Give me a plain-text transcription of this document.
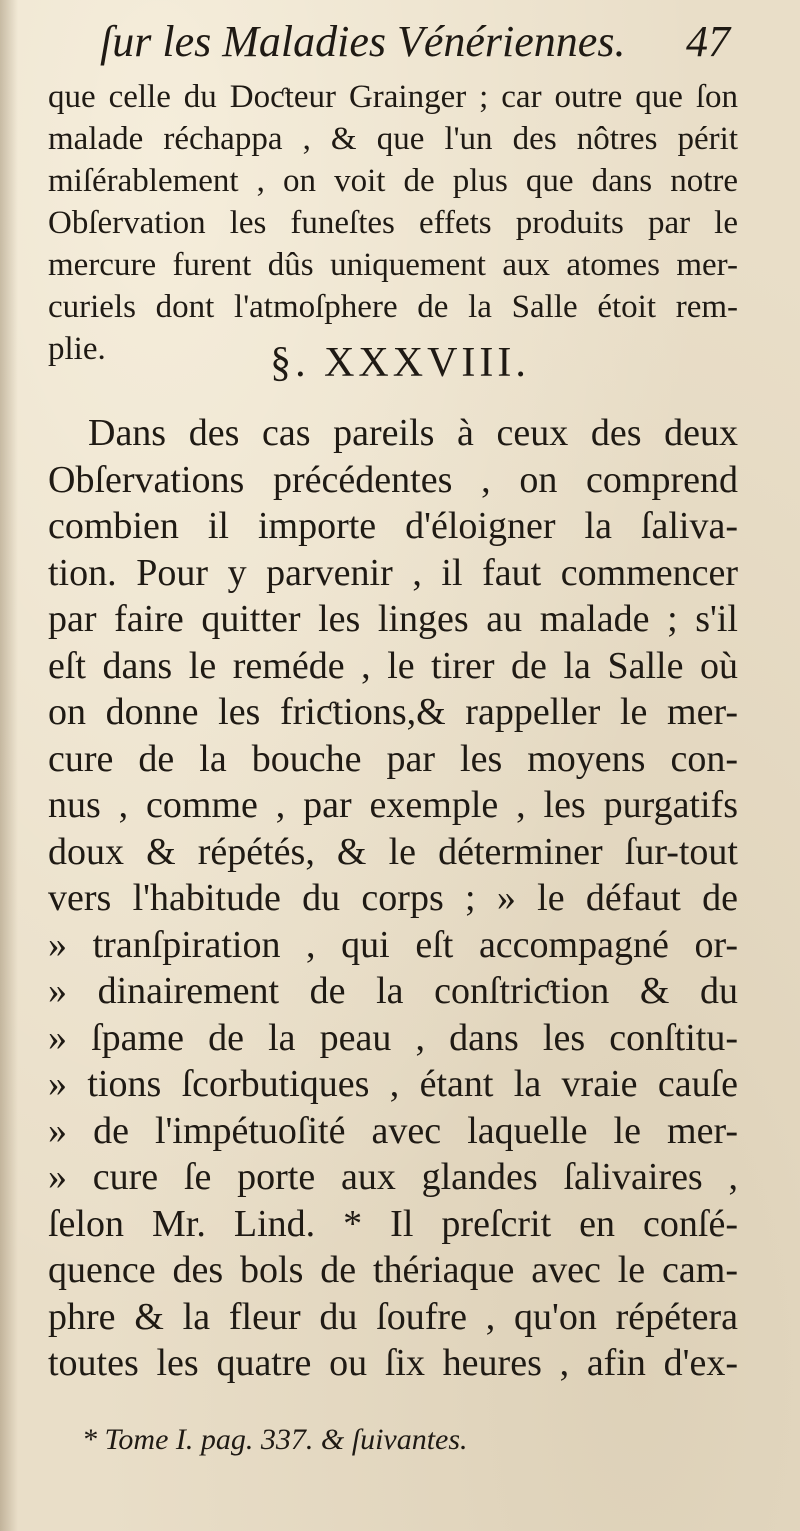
ſur les Maladies Vénériennes. 47
que celle du Doƈteur Grainger ; car outre que ſon
malade réchappa , & que l'un des nôtres périt
miſérablement , on voit de plus que dans notre
Obſervation les funeſtes effets produits par le
mercure furent dûs uniquement aux atomes mer-
curiels dont l'atmoſphere de la Salle étoit rem-
plie.	§. XXXVIII.
Dans des cas pareils à ceux des deux
Obſervations précédentes , on comprend
combien il importe d'éloigner la ſaliva-
tion. Pour y parvenir , il faut commencer
par faire quitter les linges au malade ; s'il
eſt dans le reméde , le tirer de la Salle où
on donne les friƈtions,& rappeller le mer-
cure de la bouche par les moyens con-
nus , comme , par exemple , les purgatifs
doux & répétés, & le déterminer ſur-tout
vers l'habitude du corps ; » le défaut de
» tranſpiration , qui eſt accompagné or-
» dinairement de la conſtriƈtion & du
» ſpame de la peau , dans les conſtitu-
» tions ſcorbutiques , étant la vraie cauſe
» de l'impétuoſité avec laquelle le mer-
» cure ſe porte aux glandes ſalivaires ,
ſelon Mr. Lind. * Il preſcrit en conſé-
quence des bols de thériaque avec le cam-
phre & la fleur du ſoufre , qu'on répétera
toutes les quatre ou ſix heures , afin d'ex-
* Tome I. pag. 337. & ſuivantes.
